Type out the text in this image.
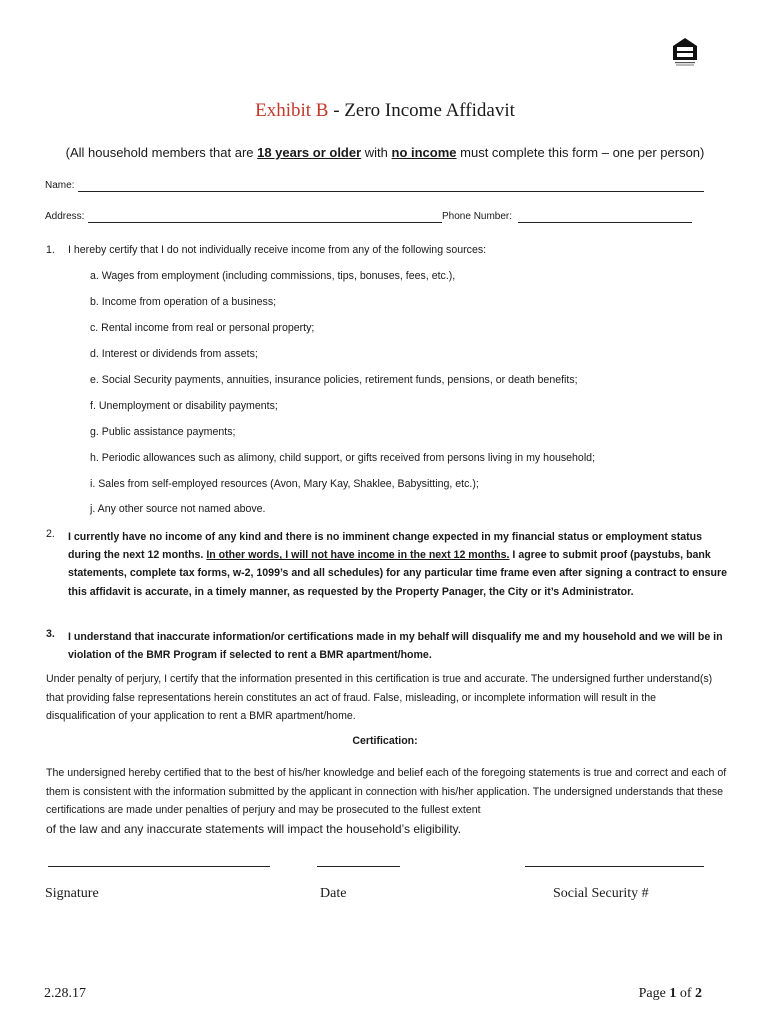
Exhibit B - Zero Income Affidavit
(All household members that are 18 years or older with no income must complete this form – one per person)
Name:
Address:	Phone Number:
1. I hereby certify that I do not individually receive income from any of the following sources:
a. Wages from employment (including commissions, tips, bonuses, fees, etc.),
b. Income from operation of a business;
c. Rental income from real or personal property;
d. Interest or dividends from assets;
e. Social Security payments, annuities, insurance policies, retirement funds, pensions, or death benefits;
f. Unemployment or disability payments;
g. Public assistance payments;
h. Periodic allowances such as alimony, child support, or gifts received from persons living in my household;
i. Sales from self-employed resources (Avon, Mary Kay, Shaklee, Babysitting, etc.);
j. Any other source not named above.
2. I currently have no income of any kind and there is no imminent change expected in my financial status or employment status during the next 12 months. In other words, I will not have income in the next 12 months. I agree to submit proof (paystubs, bank statements, complete tax forms, w-2, 1099’s and all schedules) for any particular time frame even after signing a contract to ensure this affidavit is accurate, in a timely manner, as requested by the Property Panager, the City or it’s Administrator.
3. I understand that inaccurate information/or certifications made in my behalf will disqualify me and my household and we will be in violation of the BMR Program if selected to rent a BMR apartment/home.
Under penalty of perjury, I certify that the information presented in this certification is true and accurate. The undersigned further understand(s) that providing false representations herein constitutes an act of fraud. False, misleading, or incomplete information will result in the disqualification of your application to rent a BMR apartment/home.
Certification:
The undersigned hereby certified that to the best of his/her knowledge and belief each of the foregoing statements is true and correct and each of them is consistent with the information submitted by the applicant in connection with his/her application. The undersigned understands that these certifications are made under penalties of perjury and may be prosecuted to the fullest extent
of the law and any inaccurate statements will impact the household’s eligibility.
Signature	Date	Social Security #
2.28.17	Page 1 of 2
